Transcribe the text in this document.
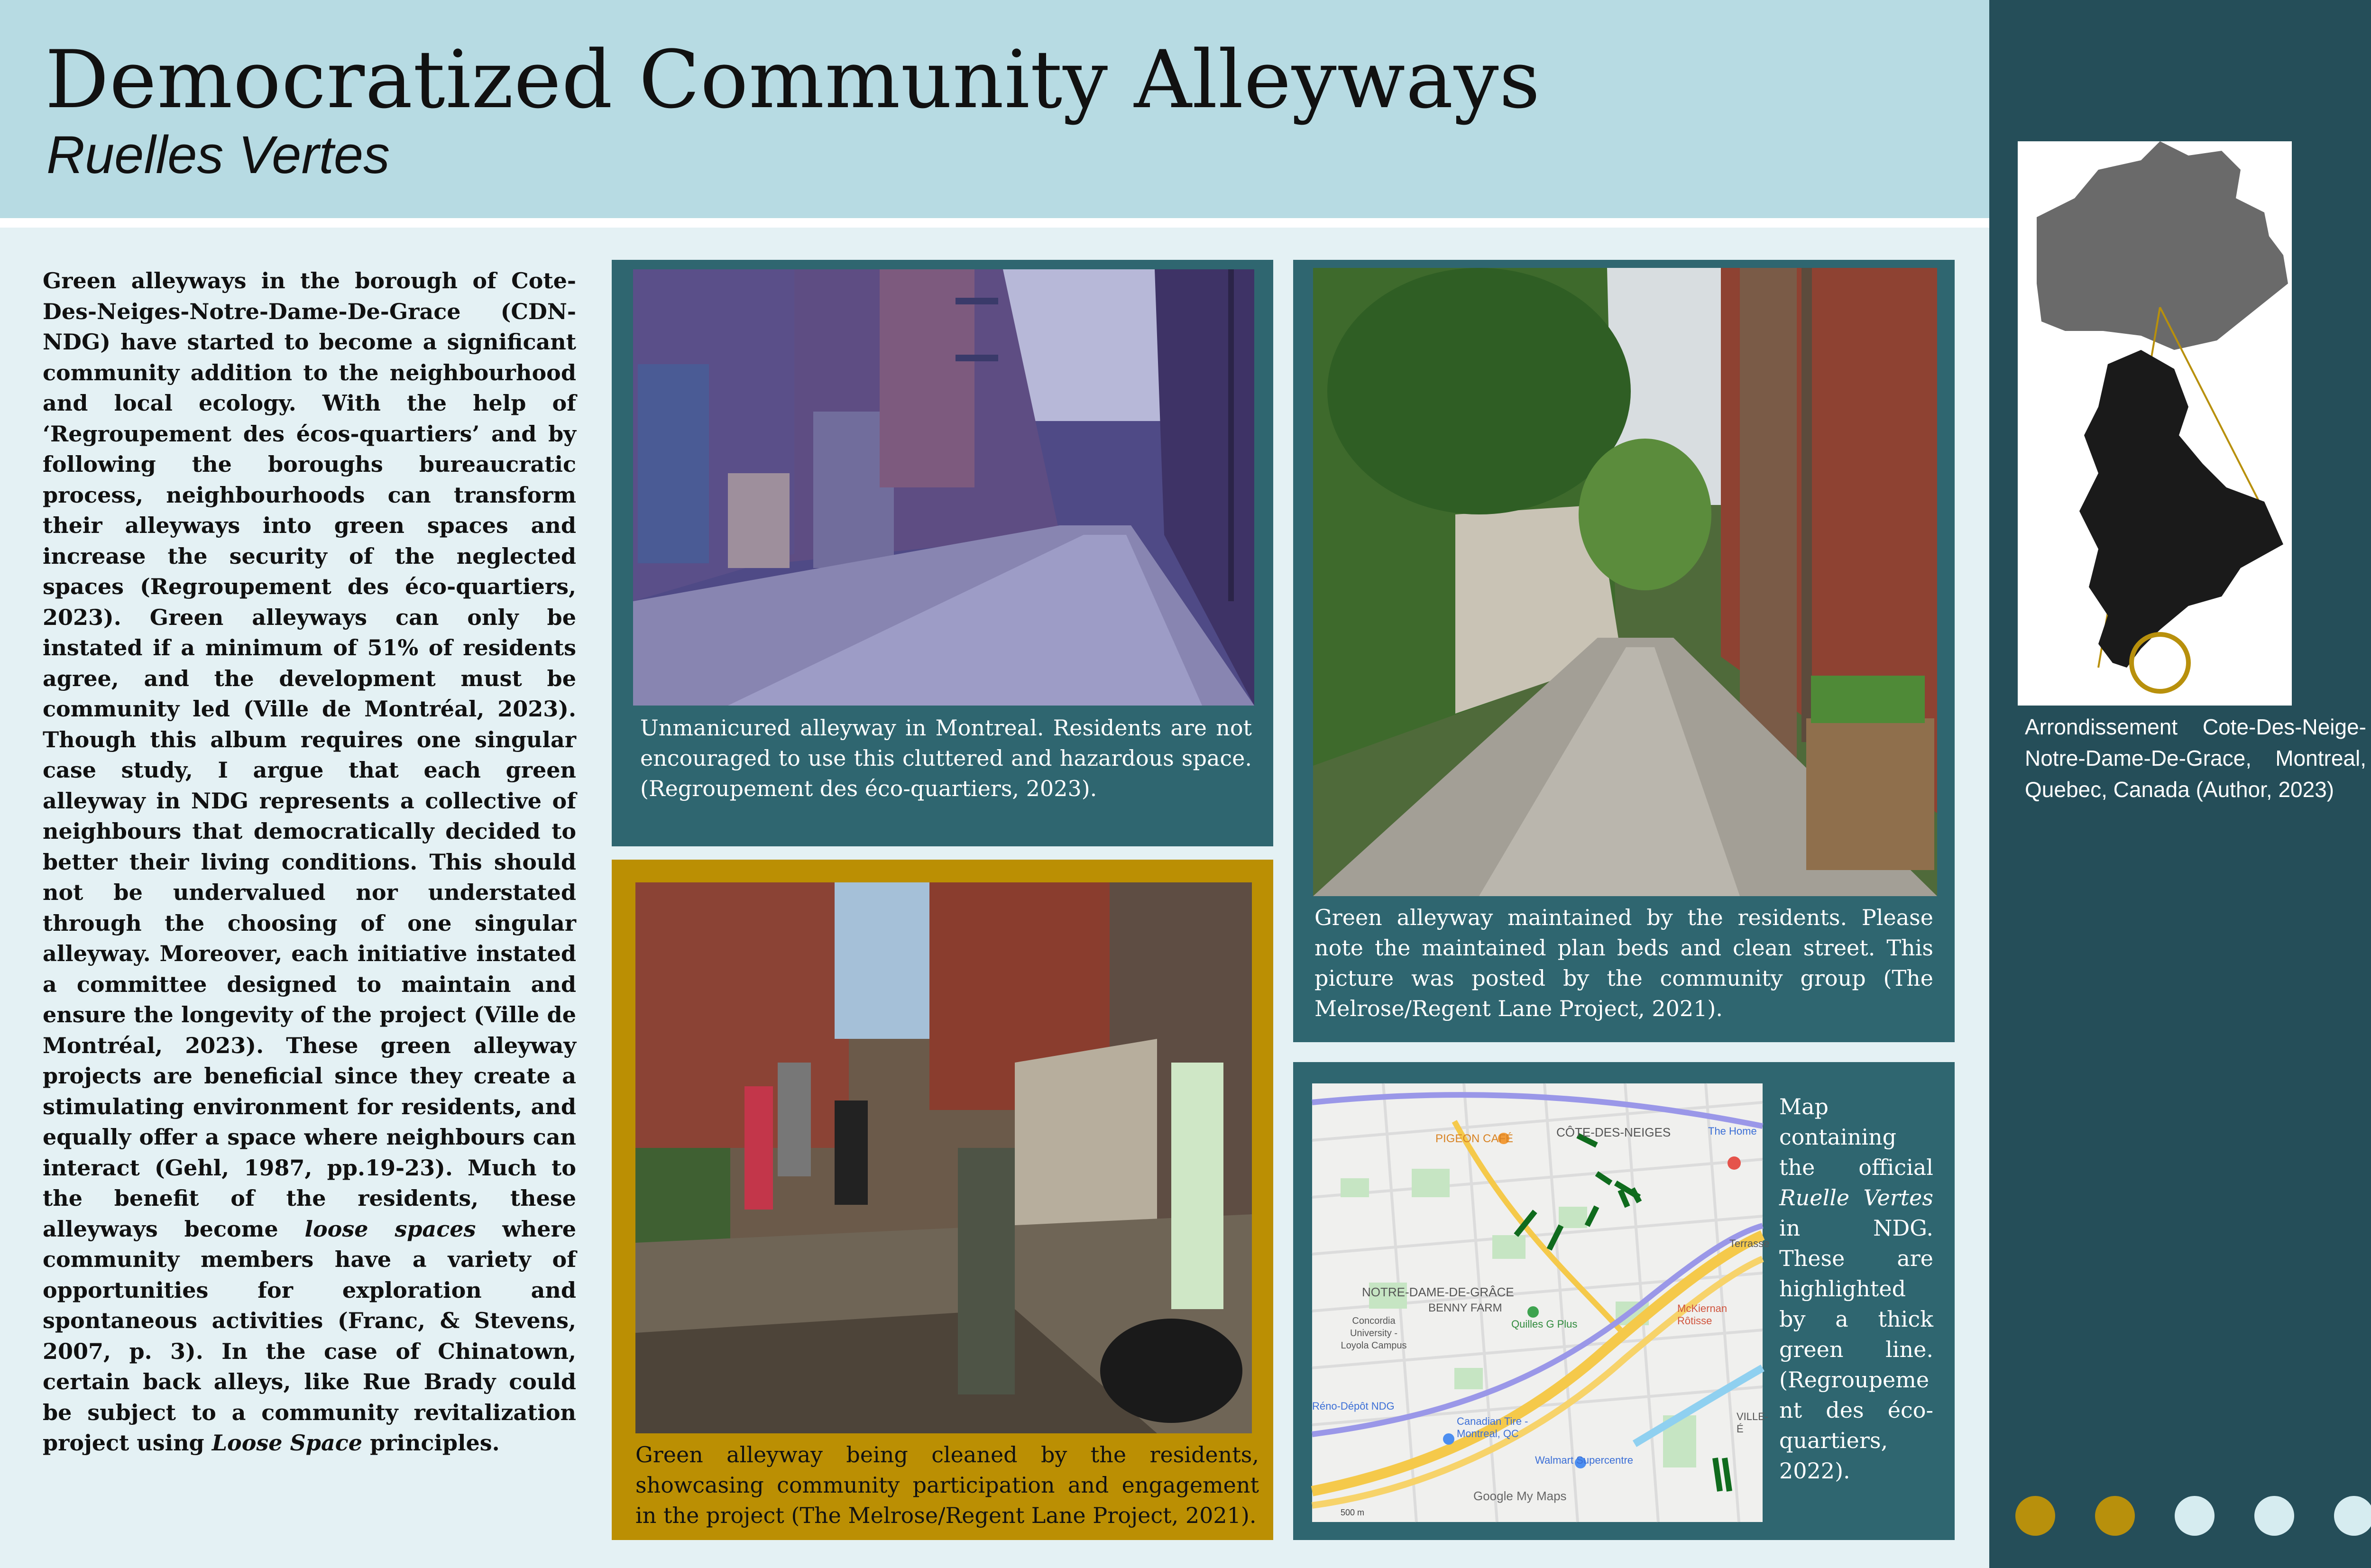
Democratized Community Alleyways
Ruelles Vertes
Green alleyways in the borough of Cote-Des-Neiges-Notre-Dame-De-Grace (CDN-NDG) have started to become a significant community addition to the neighbourhood and local ecology. With the help of ‘Regroupement des écos-quartiers’ and by following the boroughs bureaucratic process, neighbourhoods can transform their alleyways into green spaces and increase the security of the neglected spaces (Regroupement des éco-quartiers, 2023). Green alleyways can only be instated if a minimum of 51% of residents agree, and the development must be community led (Ville de Montréal, 2023). Though this album requires one singular case study, I argue that each green alleyway in NDG represents a collective of neighbours that democratically decided to better their living conditions. This should not be undervalued nor understated through the choosing of one singular alleyway. Moreover, each initiative instated a committee designed to maintain and ensure the longevity of the project (Ville de Montréal, 2023). These green alleyway projects are beneficial since they create a stimulating environment for residents, and equally offer a space where neighbours can interact (Gehl, 1987, pp.19-23). Much to the benefit of the residents, these alleyways become loose spaces where community members have a variety of opportunities for exploration and spontaneous activities (Franc, & Stevens, 2007, p. 3). In the case of Chinatown, certain back alleys, like Rue Brady could be subject to a community revitalization project using Loose Space principles.
Unmanicured alleyway in Montreal. Residents are not encouraged to use this cluttered and hazardous space. (Regroupement des éco-quartiers, 2023).
Green alleyway being cleaned by the residents, showcasing community participation and engagement in the project (The Melrose/Regent Lane Project, 2021).
Green alleyway maintained by the residents. Please note the maintained plan beds and clean street. This picture was posted by the community group (The Melrose/Regent Lane Project, 2021).
CÔTE-DES-NEIGES
PIGEON CAFÉ
The Home
NOTRE-DAME-DE-GRÂCE
BENNY FARM
Quilles G Plus
Concordia University - Loyola Campus
McKiernan Rôtisse
Terrasse
Réno-Dépôt NDG
Canadian Tire - Montreal, QC
Walmart Supercentre
VILLE-É
Google My Maps
500 m
Map containing the official Ruelle Vertes in NDG. These are highlighted by a thick green line.(Regroupement des éco-quartiers, 2022).
Arrondissement Cote-Des-Neige-Notre-Dame-De-Grace, Montreal, Quebec, Canada (Author, 2023)
